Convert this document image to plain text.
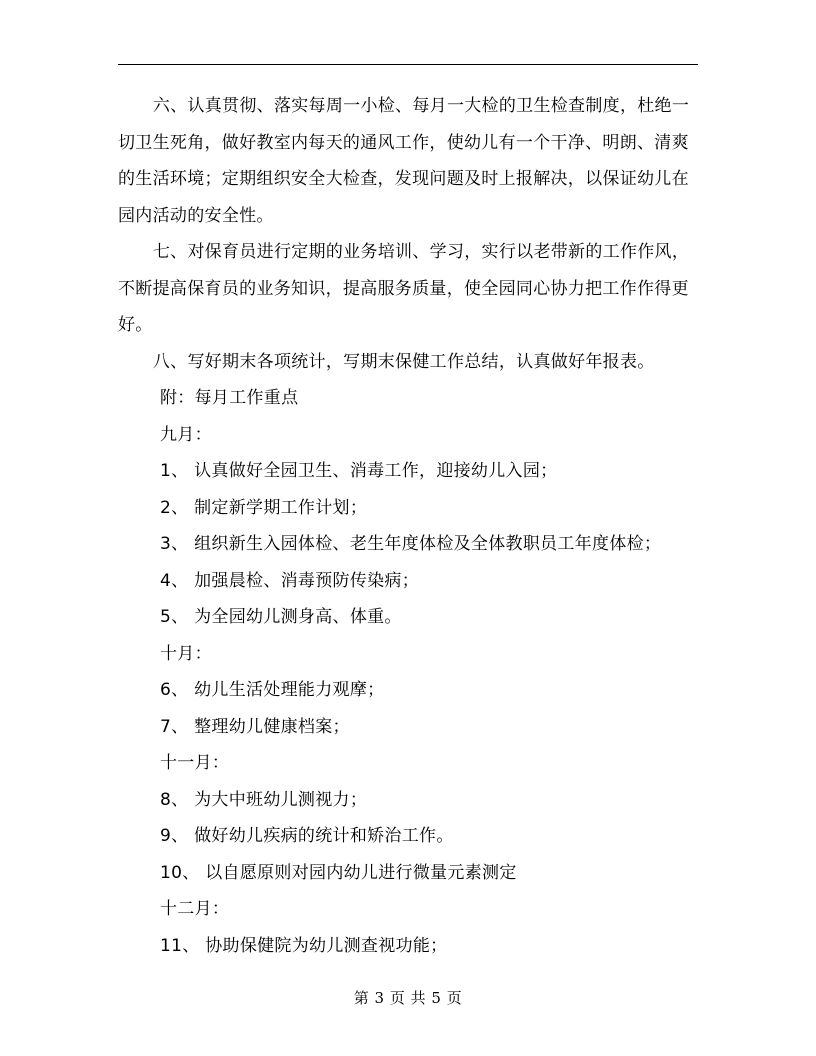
六、认真贯彻、落实每周一小检、每月一大检的卫生检查制度，杜绝一切卫生死角，做好教室内每天的通风工作，使幼儿有一个干净、明朗、清爽的生活环境；定期组织安全大检查，发现问题及时上报解决，以保证幼儿在园内活动的安全性。

七、对保育员进行定期的业务培训、学习，实行以老带新的工作作风，不断提高保育员的业务知识，提高服务质量，使全园同心协力把工作作得更好。

八、写好期末各项统计，写期末保健工作总结，认真做好年报表。

附：每月工作重点

九月：

1、 认真做好全园卫生、消毒工作，迎接幼儿入园；

2、 制定新学期工作计划；

3、 组织新生入园体检、老生年度体检及全体教职员工年度体检；

4、 加强晨检、消毒预防传染病；

5、 为全园幼儿测身高、体重。

十月：

6、 幼儿生活处理能力观摩；

7、 整理幼儿健康档案；

十一月：

8、 为大中班幼儿测视力；

9、 做好幼儿疾病的统计和矫治工作。

10、 以自愿原则对园内幼儿进行微量元素测定

十二月：

11、 协助保健院为幼儿测查视功能；

第 3 页 共 5 页
